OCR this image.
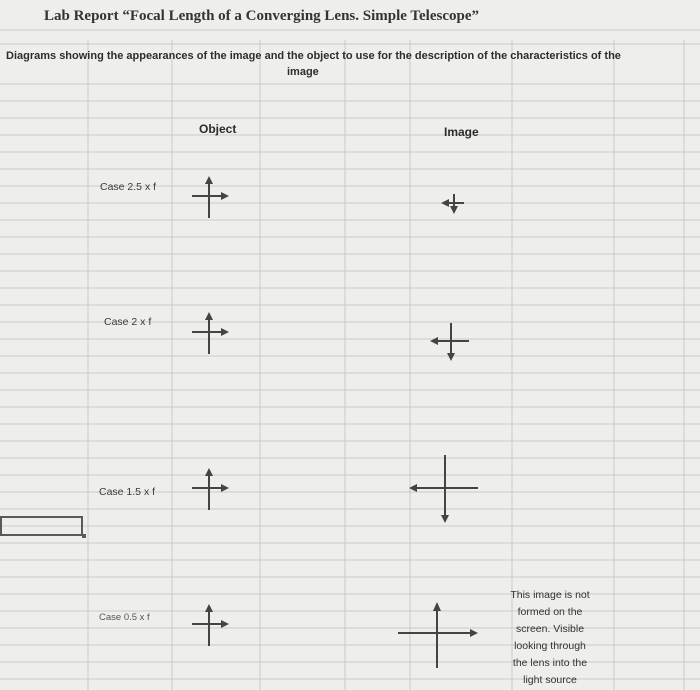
Lab Report “Focal Length of a Converging Lens. Simple Telescope”
Diagrams showing the appearances of the image and the object to use for the description of the characteristics of the
image
Object	Image
Case 2.5 x f
Case 2 x f
Case 1.5 x f
Case 0.5 x f
This image is not
formed on the
screen. Visible
looking through
the lens into the
light source
